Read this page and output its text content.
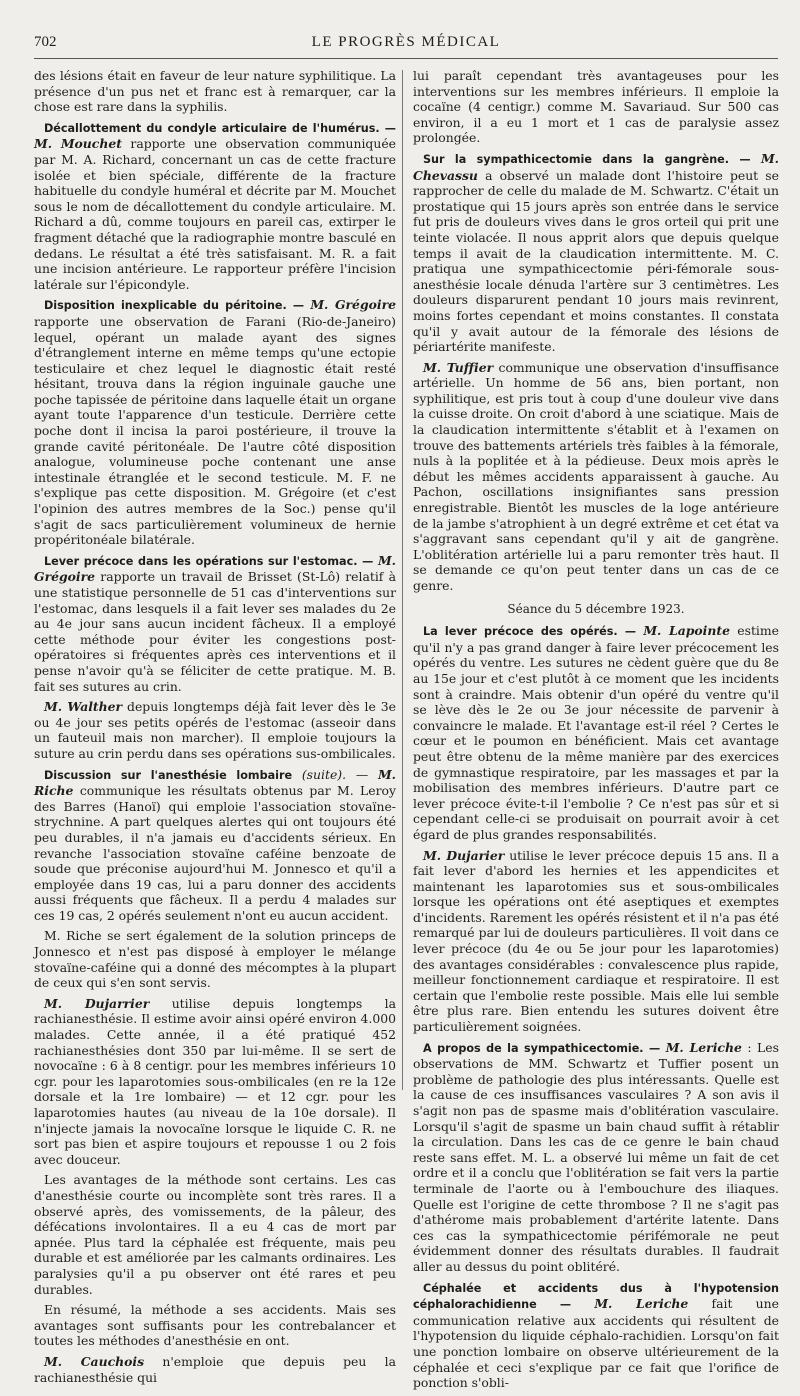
702	LE PROGRÈS MÉDICAL

des lésions était en faveur de leur nature syphilitique. La présence d'un pus net et franc est à remarquer, car la chose est rare dans la syphilis.

Décallottement du condyle articulaire de l'humérus. — M. Mouchet rapporte une observation communiquée par M. A. Richard, concernant un cas de cette fracture isolée et bien spéciale, différente de la fracture habituelle du condyle huméral et décrite par M. Mouchet sous le nom de décallottement du condyle articulaire. M. Richard a dû, comme toujours en pareil cas, extirper le fragment détaché que la radiographie montre basculé en dedans. Le résultat a été très satisfaisant. M. R. a fait une incision antérieure. Le rapporteur préfère l'incision latérale sur l'épicondyle.

Disposition inexplicable du péritoine. — M. Grégoire rapporte une observation de Farani (Rio-de-Janeiro) lequel, opérant un malade ayant des signes d'étranglement interne en même temps qu'une ectopie testiculaire et chez lequel le diagnostic était resté hésitant, trouva dans la région inguinale gauche une poche tapissée de péritoine dans laquelle était un organe ayant toute l'apparence d'un testicule. Derrière cette poche dont il incisa la paroi postérieure, il trouve la grande cavité péritonéale. De l'autre côté disposition analogue, volumineuse poche contenant une anse intestinale étranglée et le second testicule. M. F. ne s'explique pas cette disposition. M. Grégoire (et c'est l'opinion des autres membres de la Soc.) pense qu'il s'agit de sacs particulièrement volumineux de hernie propéritonéale bilatérale.

Lever précoce dans les opérations sur l'estomac. — M. Grégoire rapporte un travail de Brisset (St-Lô) relatif à une statistique personnelle de 51 cas d'interventions sur l'estomac, dans lesquels il a fait lever ses malades du 2e au 4e jour sans aucun incident fâcheux. Il a employé cette méthode pour éviter les congestions post-opératoires si fréquentes après ces interventions et il pense n'avoir qu'à se féliciter de cette pratique. M. B. fait ses sutures au crin.

M. Walther depuis longtemps déjà fait lever dès le 3e ou 4e jour ses petits opérés de l'estomac (asseoir dans un fauteuil mais non marcher). Il emploie toujours la suture au crin perdu dans ses opérations sus-ombilicales.

Discussion sur l'anesthésie lombaire (suite). — M. Riche communique les résultats obtenus par M. Leroy des Barres (Hanoï) qui emploie l'association stovaïne-strychnine. A part quelques alertes qui ont toujours été peu durables, il n'a jamais eu d'accidents sérieux. En revanche l'association stovaïne caféine benzoate de soude que préconise aujourd'hui M. Jonnesco et qu'il a employée dans 19 cas, lui a paru donner des accidents aussi fréquents que fâcheux. Il a perdu 4 malades sur ces 19 cas, 2 opérés seulement n'ont eu aucun accident.

M. Riche se sert également de la solution princeps de Jonnesco et n'est pas disposé à employer le mélange stovaïne-caféine qui a donné des mécomptes à la plupart de ceux qui s'en sont servis.

M. Dujarrier utilise depuis longtemps la rachianesthésie. Il estime avoir ainsi opéré environ 4.000 malades. Cette année, il a été pratiqué 452 rachianesthésies dont 350 par lui-même. Il se sert de novocaïne : 6 à 8 centigr. pour les membres inférieurs 10 cgr. pour les laparotomies sous-ombilicales (en re la 12e dorsale et la 1re lombaire) — et 12 cgr. pour les laparotomies hautes (au niveau de la 10e dorsale). Il n'injecte jamais la novocaïne lorsque le liquide C. R. ne sort pas bien et aspire toujours et repousse 1 ou 2 fois avec douceur.

Les avantages de la méthode sont certains. Les cas d'anesthésie courte ou incomplète sont très rares. Il a observé après, des vomissements, de la pâleur, des défécations involontaires. Il a eu 4 cas de mort par apnée. Plus tard la céphalée est fréquente, mais peu durable et est améliorée par les calmants ordinaires. Les paralysies qu'il a pu observer ont été rares et peu durables.

En résumé, la méthode a ses accidents. Mais ses avantages sont suffisants pour les contrebalancer et toutes les méthodes d'anesthésie en ont.

M. Cauchois n'emploie que depuis peu la rachianesthésie qui

lui paraît cependant très avantageuses pour les interventions sur les membres inférieurs. Il emploie la cocaïne (4 centigr.) comme M. Savariaud. Sur 500 cas environ, il a eu 1 mort et 1 cas de paralysie assez prolongée.

Sur la sympathicectomie dans la gangrène. — M. Chevassu a observé un malade dont l'histoire peut se rapprocher de celle du malade de M. Schwartz. C'était un prostatique qui 15 jours après son entrée dans le service fut pris de douleurs vives dans le gros orteil qui prit une teinte violacée. Il nous apprit alors que depuis quelque temps il avait de la claudication intermittente. M. C. pratiqua une sympathicectomie péri-fémorale sous-anesthésie locale dénuda l'artère sur 3 centimètres. Les douleurs disparurent pendant 10 jours mais revinrent, moins fortes cependant et moins constantes. Il constata qu'il y avait autour de la fémorale des lésions de périartérite manifeste.

M. Tuffier communique une observation d'insuffisance artérielle. Un homme de 56 ans, bien portant, non syphilitique, est pris tout à coup d'une douleur vive dans la cuisse droite. On croit d'abord à une sciatique. Mais de la claudication intermittente s'établit et à l'examen on trouve des battements artériels très faibles à la fémorale, nuls à la poplitée et à la pédieuse. Deux mois après le début les mêmes accidents apparaissent à gauche. Au Pachon, oscillations insignifiantes sans pression enregistrable. Bientôt les muscles de la loge antérieure de la jambe s'atrophient à un degré extrême et cet état va s'aggravant sans cependant qu'il y ait de gangrène. L'oblitération artérielle lui a paru remonter très haut. Il se demande ce qu'on peut tenter dans un cas de ce genre.

Séance du 5 décembre 1923.

La lever précoce des opérés. — M. Lapointe estime qu'il n'y a pas grand danger à faire lever précocement les opérés du ventre. Les sutures ne cèdent guère que du 8e au 15e jour et c'est plutôt à ce moment que les incidents sont à craindre. Mais obtenir d'un opéré du ventre qu'il se lève dès le 2e ou 3e jour nécessite de parvenir à convaincre le malade. Et l'avantage est-il réel ? Certes le cœur et le poumon en bénéficient. Mais cet avantage peut être obtenu de la même manière par des exercices de gymnastique respiratoire, par les massages et par la mobilisation des membres inférieurs. D'autre part ce lever précoce évite-t-il l'embolie ? Ce n'est pas sûr et si cependant celle-ci se produisait on pourrait avoir à cet égard de plus grandes responsabilités.

M. Dujarier utilise le lever précoce depuis 15 ans. Il a fait lever d'abord les hernies et les appendicites et maintenant les laparotomies sus et sous-ombilicales lorsque les opérations ont été aseptiques et exemptes d'incidents. Rarement les opérés résistent et il n'a pas été remarqué par lui de douleurs particulières. Il voit dans ce lever précoce (du 4e ou 5e jour pour les laparotomies) des avantages considérables : convalescence plus rapide, meilleur fonctionnement cardiaque et respiratoire. Il est certain que l'embolie reste possible. Mais elle lui semble être plus rare. Bien entendu les sutures doivent être particulièrement soignées.

A propos de la sympathicectomie. — M. Leriche : Les observations de MM. Schwartz et Tuffier posent un problème de pathologie des plus intéressants. Quelle est la cause de ces insuffisances vasculaires ? A son avis il s'agit non pas de spasme mais d'oblitération vasculaire. Lorsqu'il s'agit de spasme un bain chaud suffit à rétablir la circulation. Dans les cas de ce genre le bain chaud reste sans effet. M. L. a observé lui même un fait de cet ordre et il a conclu que l'oblitération se fait vers la partie terminale de l'aorte ou à l'embouchure des iliaques. Quelle est l'origine de cette thrombose ? Il ne s'agit pas d'athérome mais probablement d'artérite latente. Dans ces cas la sympathicectomie périfémorale ne peut évidemment donner des résultats durables. Il faudrait aller au dessus du point oblitéré.

Céphalée et accidents dus à l'hypotension céphalorachidienne — M. Leriche fait une communication relative aux accidents qui résultent de l'hypotension du liquide céphalo-rachidien. Lorsqu'on fait une ponction lombaire on observe ultérieurement de la céphalée et ceci s'explique par ce fait que l'orifice de ponction s'obli-
